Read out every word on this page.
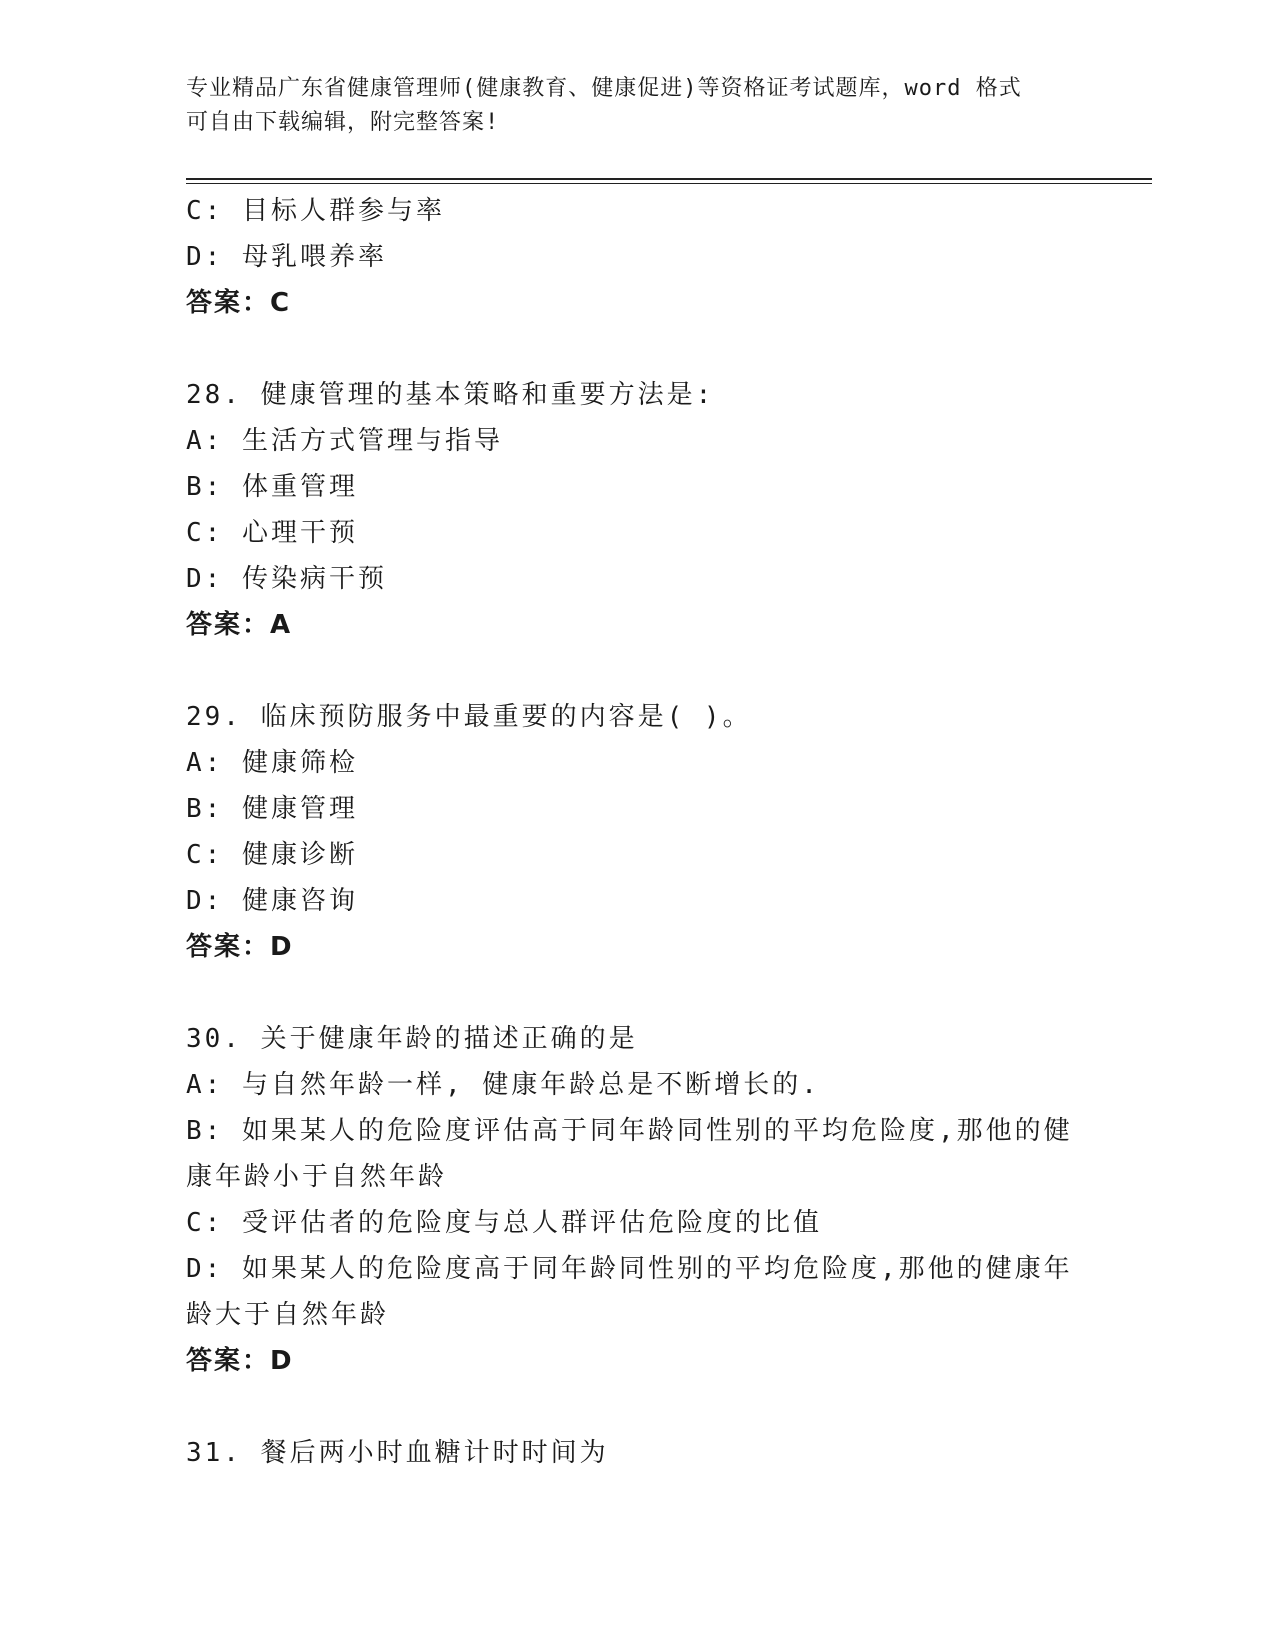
专业精品广东省健康管理师(健康教育、健康促进)等资格证考试题库，word 格式
可自由下载编辑，附完整答案!
C: 目标人群参与率
D: 母乳喂养率
答案：C
28. 健康管理的基本策略和重要方法是:
A: 生活方式管理与指导
B: 体重管理
C: 心理干预
D: 传染病干预
答案：A
29. 临床预防服务中最重要的内容是( )。
A: 健康筛检
B: 健康管理
C: 健康诊断
D: 健康咨询
答案：D
30. 关于健康年龄的描述正确的是
A: 与自然年龄一样, 健康年龄总是不断增长的.
B: 如果某人的危险度评估高于同年龄同性别的平均危险度,那他的健
康年龄小于自然年龄
C: 受评估者的危险度与总人群评估危险度的比值
D: 如果某人的危险度高于同年龄同性别的平均危险度,那他的健康年
龄大于自然年龄
答案：D
31. 餐后两小时血糖计时时间为
